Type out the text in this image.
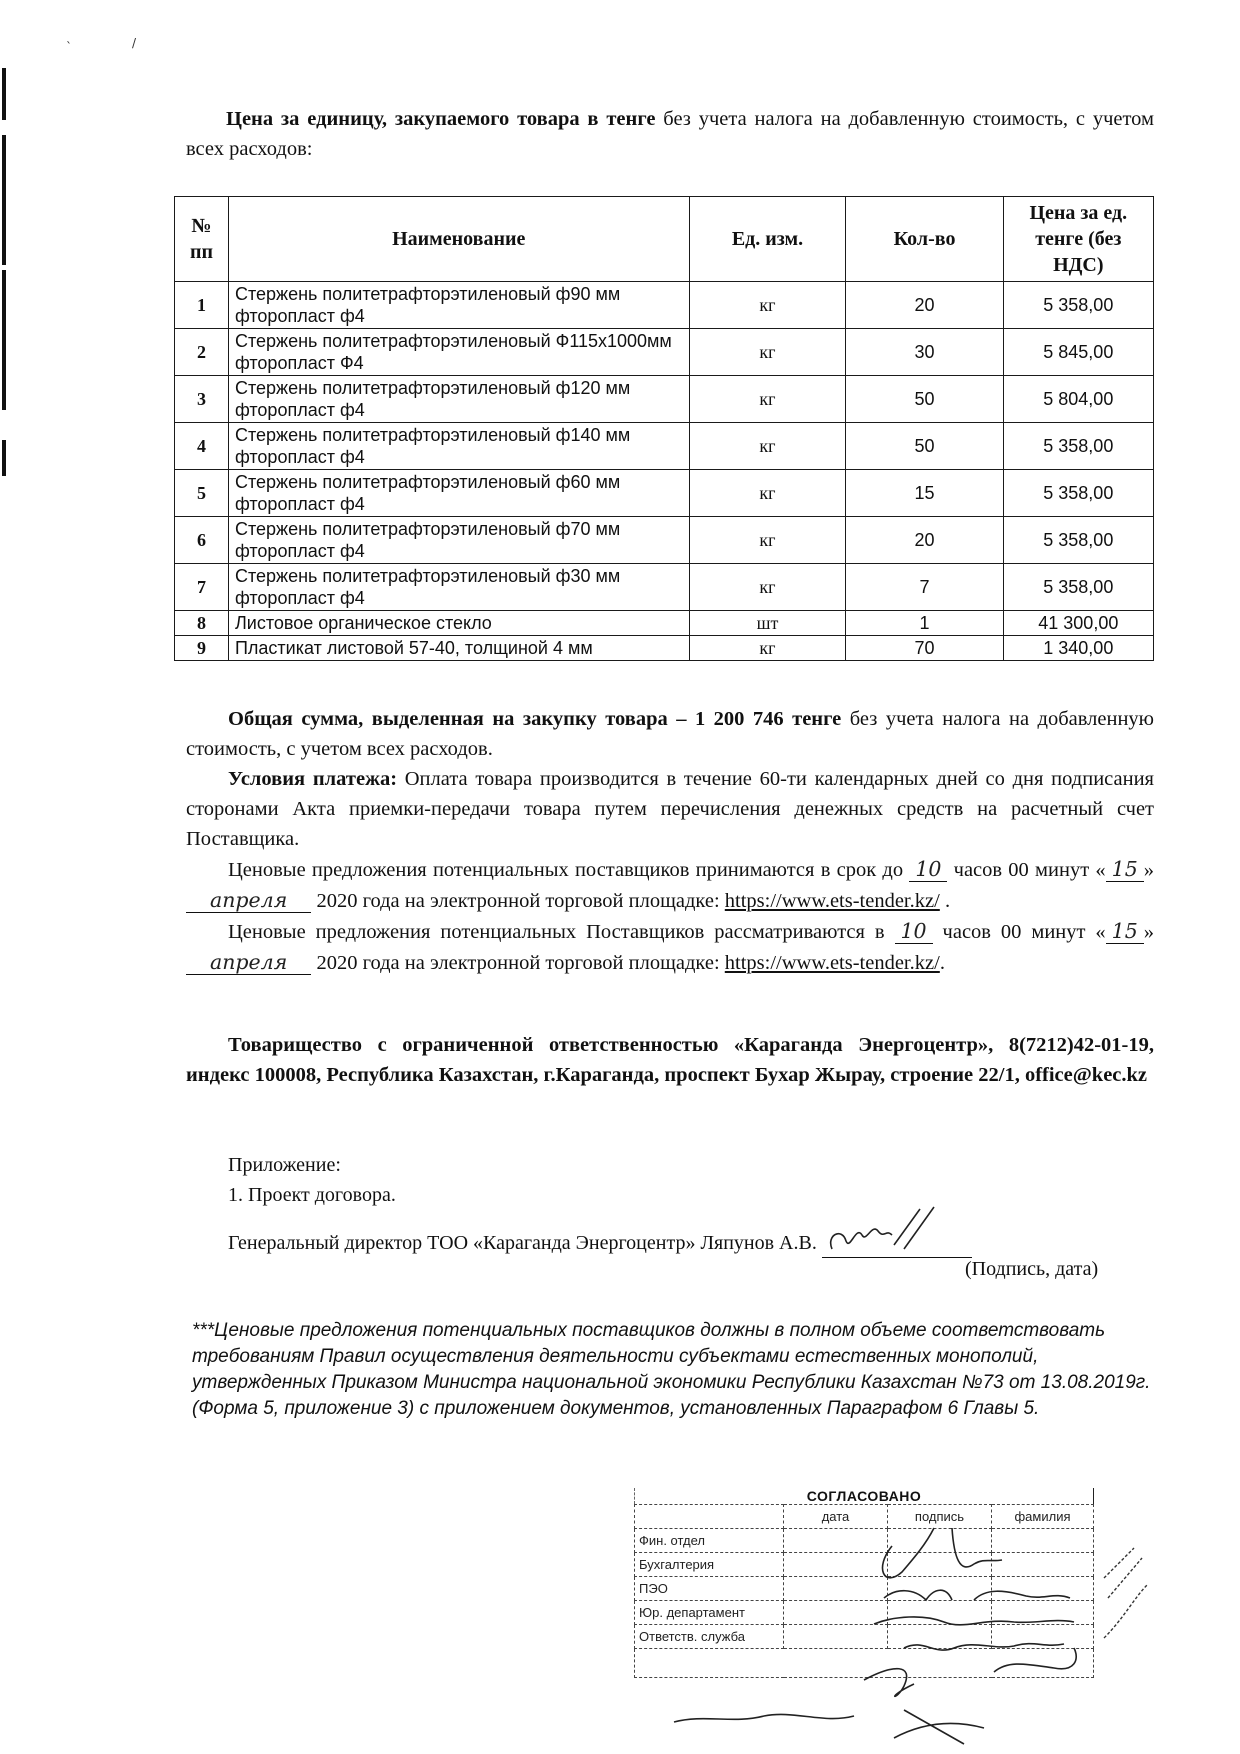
`	/

Цена за единицу, закупаемого товара в тенге без учета налога на добавленную стоимость, с учетом всех расходов:

№ пп	Наименование	Ед. изм.	Кол-во	Цена за ед. тенге (без НДС)
1	Стержень политетрафторэтиленовый ф90 мм фторопласт ф4	кг	20	5 358,00
2	Стержень политетрафторэтиленовый Ф115х1000мм фторопласт Ф4	кг	30	5 845,00
3	Стержень политетрафторэтиленовый ф120 мм фторопласт ф4	кг	50	5 804,00
4	Стержень политетрафторэтиленовый ф140 мм фторопласт ф4	кг	50	5 358,00
5	Стержень политетрафторэтиленовый ф60 мм фторопласт ф4	кг	15	5 358,00
6	Стержень политетрафторэтиленовый ф70 мм фторопласт ф4	кг	20	5 358,00
7	Стержень политетрафторэтиленовый ф30 мм фторопласт ф4	кг	7	5 358,00
8	Листовое органическое стекло	шт	1	41 300,00
9	Пластикат листовой 57-40, толщиной 4 мм	кг	70	1 340,00

Общая сумма, выделенная на закупку товара – 1 200 746 тенге без учета налога на добавленную стоимость, с учетом всех расходов.

Условия платежа: Оплата товара производится в течение 60-ти календарных дней со дня подписания сторонами Акта приемки-передачи товара путем перечисления денежных средств на расчетный счет Поставщика.

Ценовые предложения потенциальных поставщиков принимаются в срок до 10 часов 00 минут « 15 » апреля 2020 года на электронной торговой площадке: https://www.ets-tender.kz/ .

Ценовые предложения потенциальных Поставщиков рассматриваются в 10 часов 00 минут « 15 » апреля 2020 года на электронной торговой площадке: https://www.ets-tender.kz/.

Товарищество с ограниченной ответственностью «Караганда Энергоцентр», 8(7212)42-01-19, индекс 100008, Республика Казахстан, г.Караганда, проспект Бухар Жырау, строение 22/1, office@kec.kz

Приложение:
1. Проект договора.
Генеральный директор ТОО «Караганда Энергоцентр» Ляпунов А.В.
(Подпись, дата)

***Ценовые предложения потенциальных поставщиков должны в полном объеме соответствовать требованиям Правил осуществления деятельности субъектами естественных монополий, утвержденных Приказом Министра национальной экономики Республики Казахстан №73 от 13.08.2019г. (Форма 5, приложение 3) с приложением документов, установленных Параграфом 6 Главы 5.

СОГЛАСОВАНО
	дата	подпись	фамилия
Фин. отдел			
Бухгалтерия			
ПЭО			
Юр. департамент			
Ответств. служба			
